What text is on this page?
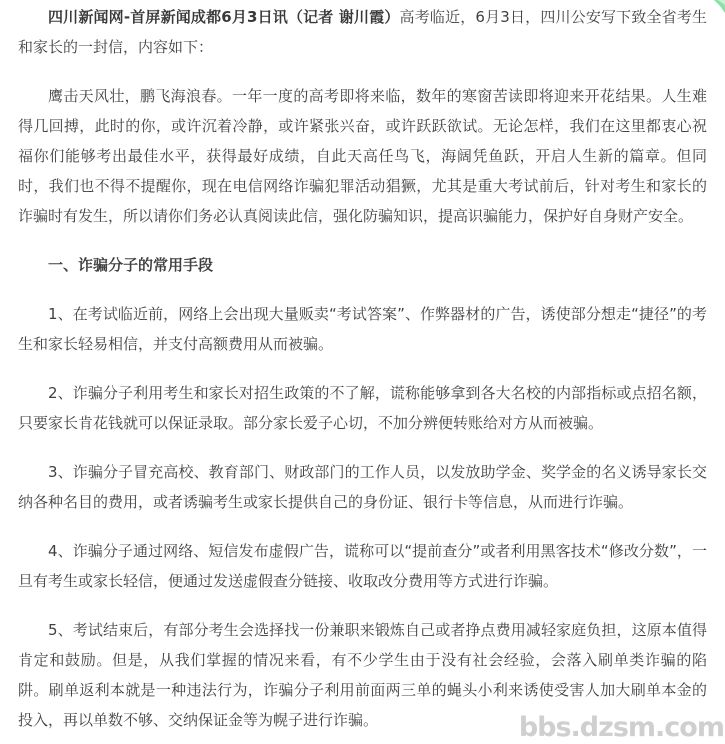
四川新闻网-首屏新闻成都6月3日讯（记者 谢川霞）高考临近，6月3日，四川公安写下致全省考生和家长的一封信，内容如下：

鹰击天风壮，鹏飞海浪春。一年一度的高考即将来临，数年的寒窗苦读即将迎来开花结果。人生难得几回搏，此时的你，或许沉着冷静，或许紧张兴奋，或许跃跃欲试。无论怎样，我们在这里都衷心祝福你们能够考出最佳水平，获得最好成绩，自此天高任鸟飞，海阔凭鱼跃，开启人生新的篇章。但同时，我们也不得不提醒你，现在电信网络诈骗犯罪活动猖獗，尤其是重大考试前后，针对考生和家长的诈骗时有发生，所以请你们务必认真阅读此信，强化防骗知识，提高识骗能力，保护好自身财产安全。

一、诈骗分子的常用手段

1、在考试临近前，网络上会出现大量贩卖“考试答案”、作弊器材的广告，诱使部分想走“捷径”的考生和家长轻易相信，并支付高额费用从而被骗。

2、诈骗分子利用考生和家长对招生政策的不了解，谎称能够拿到各大名校的内部指标或点招名额，只要家长肯花钱就可以保证录取。部分家长爱子心切，不加分辨便转账给对方从而被骗。

3、诈骗分子冒充高校、教育部门、财政部门的工作人员，以发放助学金、奖学金的名义诱导家长交纳各种名目的费用，或者诱骗考生或家长提供自己的身份证、银行卡等信息，从而进行诈骗。

4、诈骗分子通过网络、短信发布虚假广告，谎称可以“提前查分”或者利用黑客技术“修改分数”，一旦有考生或家长轻信，便通过发送虚假查分链接、收取改分费用等方式进行诈骗。

5、考试结束后，有部分考生会选择找一份兼职来锻炼自己或者挣点费用减轻家庭负担，这原本值得肯定和鼓励。但是，从我们掌握的情况来看，有不少学生由于没有社会经验，会落入刷单类诈骗的陷阱。刷单返利本就是一种违法行为，诈骗分子利用前面两三单的蝇头小利来诱使受害人加大刷单本金的投入，再以单数不够、交纳保证金等为幌子进行诈骗。	bbs.dzsm.com
